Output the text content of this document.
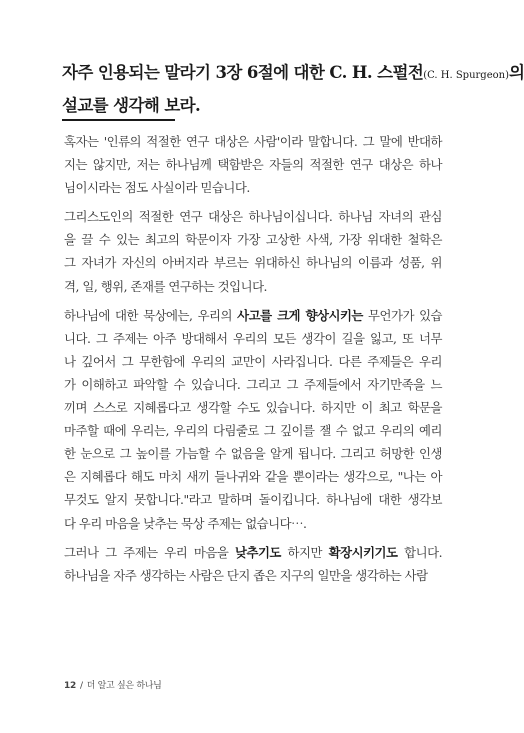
자주 인용되는 말라기 3장 6절에 대한 C. H. 스펄전(C. H. Spurgeon)의
설교를 생각해 보라.

혹자는 '인류의 적절한 연구 대상은 사람'이라 말합니다. 그 말에 반대하
지는 않지만, 저는 하나님께 택함받은 자들의 적절한 연구 대상은 하나
님이시라는 점도 사실이라 믿습니다.

그리스도인의 적절한 연구 대상은 하나님이십니다. 하나님 자녀의 관심
을 끌 수 있는 최고의 학문이자 가장 고상한 사색, 가장 위대한 철학은
그 자녀가 자신의 아버지라 부르는 위대하신 하나님의 이름과 성품, 위
격, 일, 행위, 존재를 연구하는 것입니다.

하나님에 대한 묵상에는, 우리의 사고를 크게 향상시키는 무언가가 있습
니다. 그 주제는 아주 방대해서 우리의 모든 생각이 길을 잃고, 또 너무
나 깊어서 그 무한함에 우리의 교만이 사라집니다. 다른 주제들은 우리
가 이해하고 파악할 수 있습니다. 그리고 그 주제들에서 자기만족을 느
끼며 스스로 지혜롭다고 생각할 수도 있습니다. 하지만 이 최고 학문을
마주할 때에 우리는, 우리의 다림줄로 그 깊이를 잴 수 없고 우리의 예리
한 눈으로 그 높이를 가늠할 수 없음을 알게 됩니다. 그리고 허망한 인생
은 지혜롭다 해도 마치 새끼 들나귀와 같을 뿐이라는 생각으로, "나는 아
무것도 알지 못합니다."라고 말하며 돌이킵니다. 하나님에 대한 생각보
다 우리 마음을 낮추는 묵상 주제는 없습니다⋯.

그러나 그 주제는 우리 마음을 낮추기도 하지만 확장시키기도 합니다.
하나님을 자주 생각하는 사람은 단지 좁은 지구의 일만을 생각하는 사람

12 / 더 알고 싶은 하나님
